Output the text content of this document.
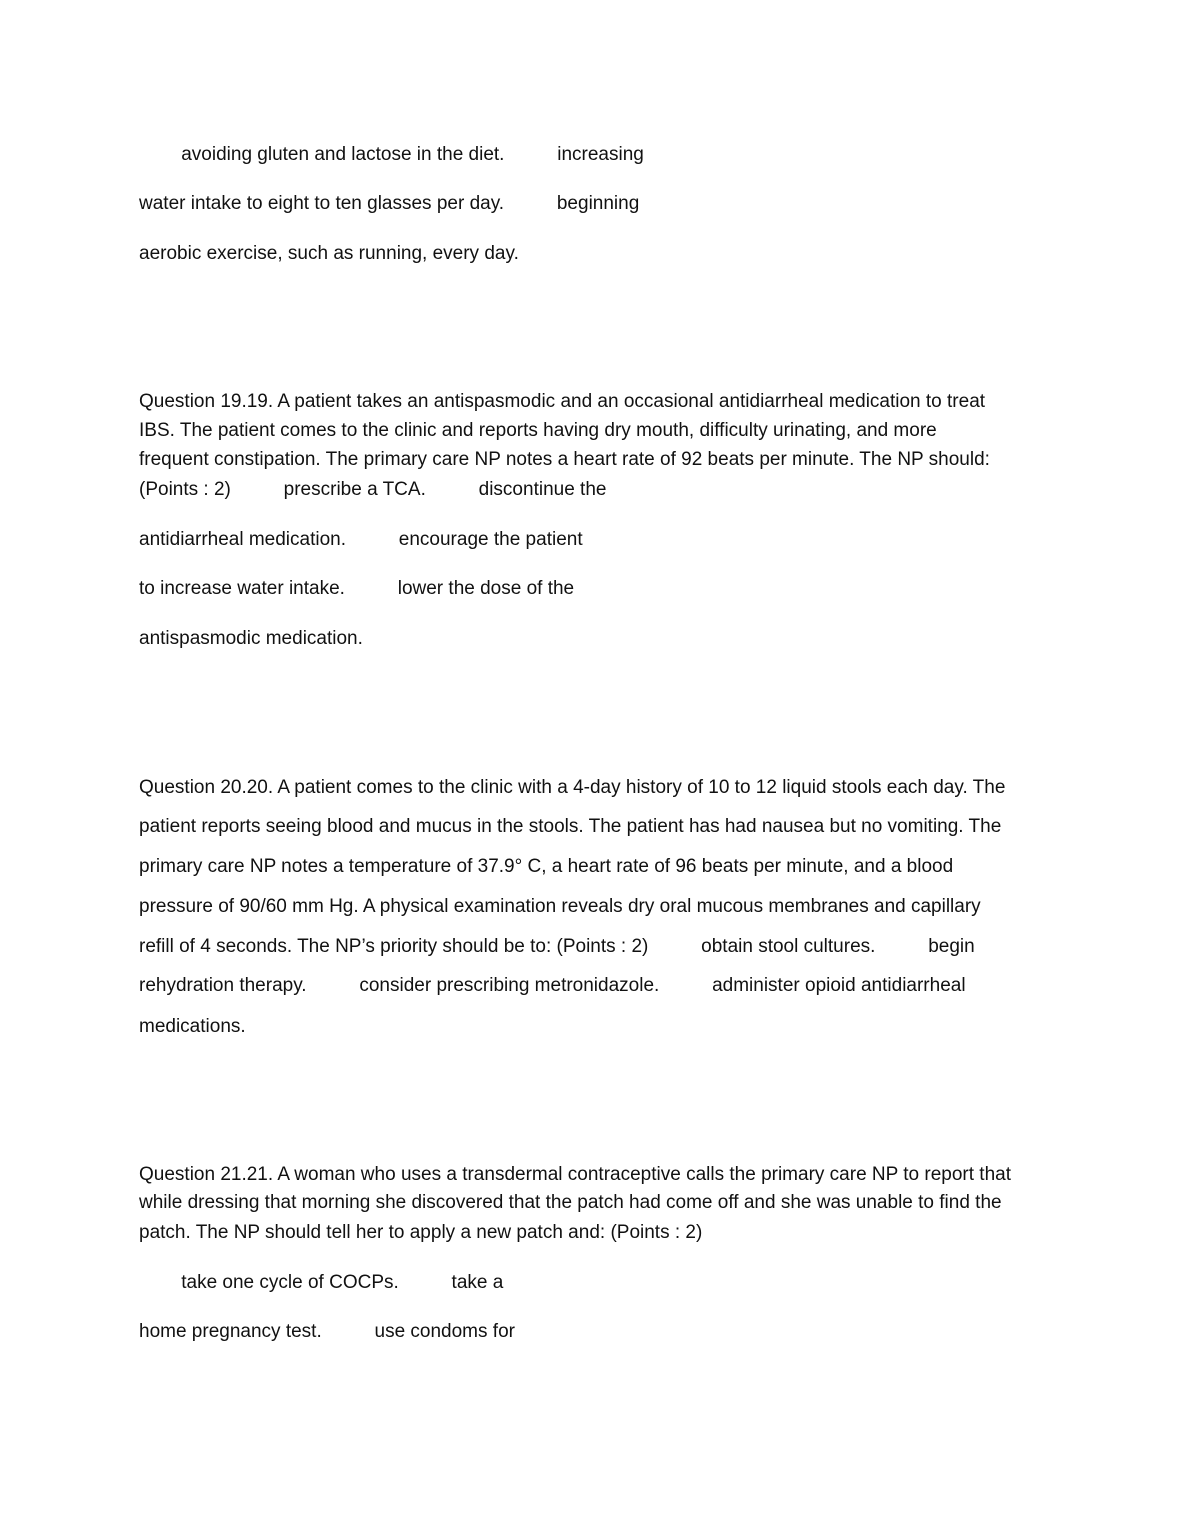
avoiding gluten and lactose in the diet.          increasing
water intake to eight to ten glasses per day.          beginning
aerobic exercise, such as running, every day.
Question 19.19. A patient takes an antispasmodic and an occasional antidiarrheal medication to treat
IBS. The patient comes to the clinic and reports having dry mouth, difficulty urinating, and more
frequent constipation. The primary care NP notes a heart rate of 92 beats per minute. The NP should:
(Points : 2)          prescribe a TCA.          discontinue the
antidiarrheal medication.          encourage the patient
to increase water intake.          lower the dose of the
antispasmodic medication.
Question 20.20. A patient comes to the clinic with a 4-day history of 10 to 12 liquid stools each day. The
patient reports seeing blood and mucus in the stools. The patient has had nausea but no vomiting. The
primary care NP notes a temperature of 37.9° C, a heart rate of 96 beats per minute, and a blood
pressure of 90/60 mm Hg. A physical examination reveals dry oral mucous membranes and capillary
refill of 4 seconds. The NP’s priority should be to: (Points : 2)          obtain stool cultures.          begin
rehydration therapy.          consider prescribing metronidazole.          administer opioid antidiarrheal
medications.
Question 21.21. A woman who uses a transdermal contraceptive calls the primary care NP to report that
while dressing that morning she discovered that the patch had come off and she was unable to find the
patch. The NP should tell her to apply a new patch and: (Points : 2)
take one cycle of COCPs.          take a
home pregnancy test.          use condoms for
